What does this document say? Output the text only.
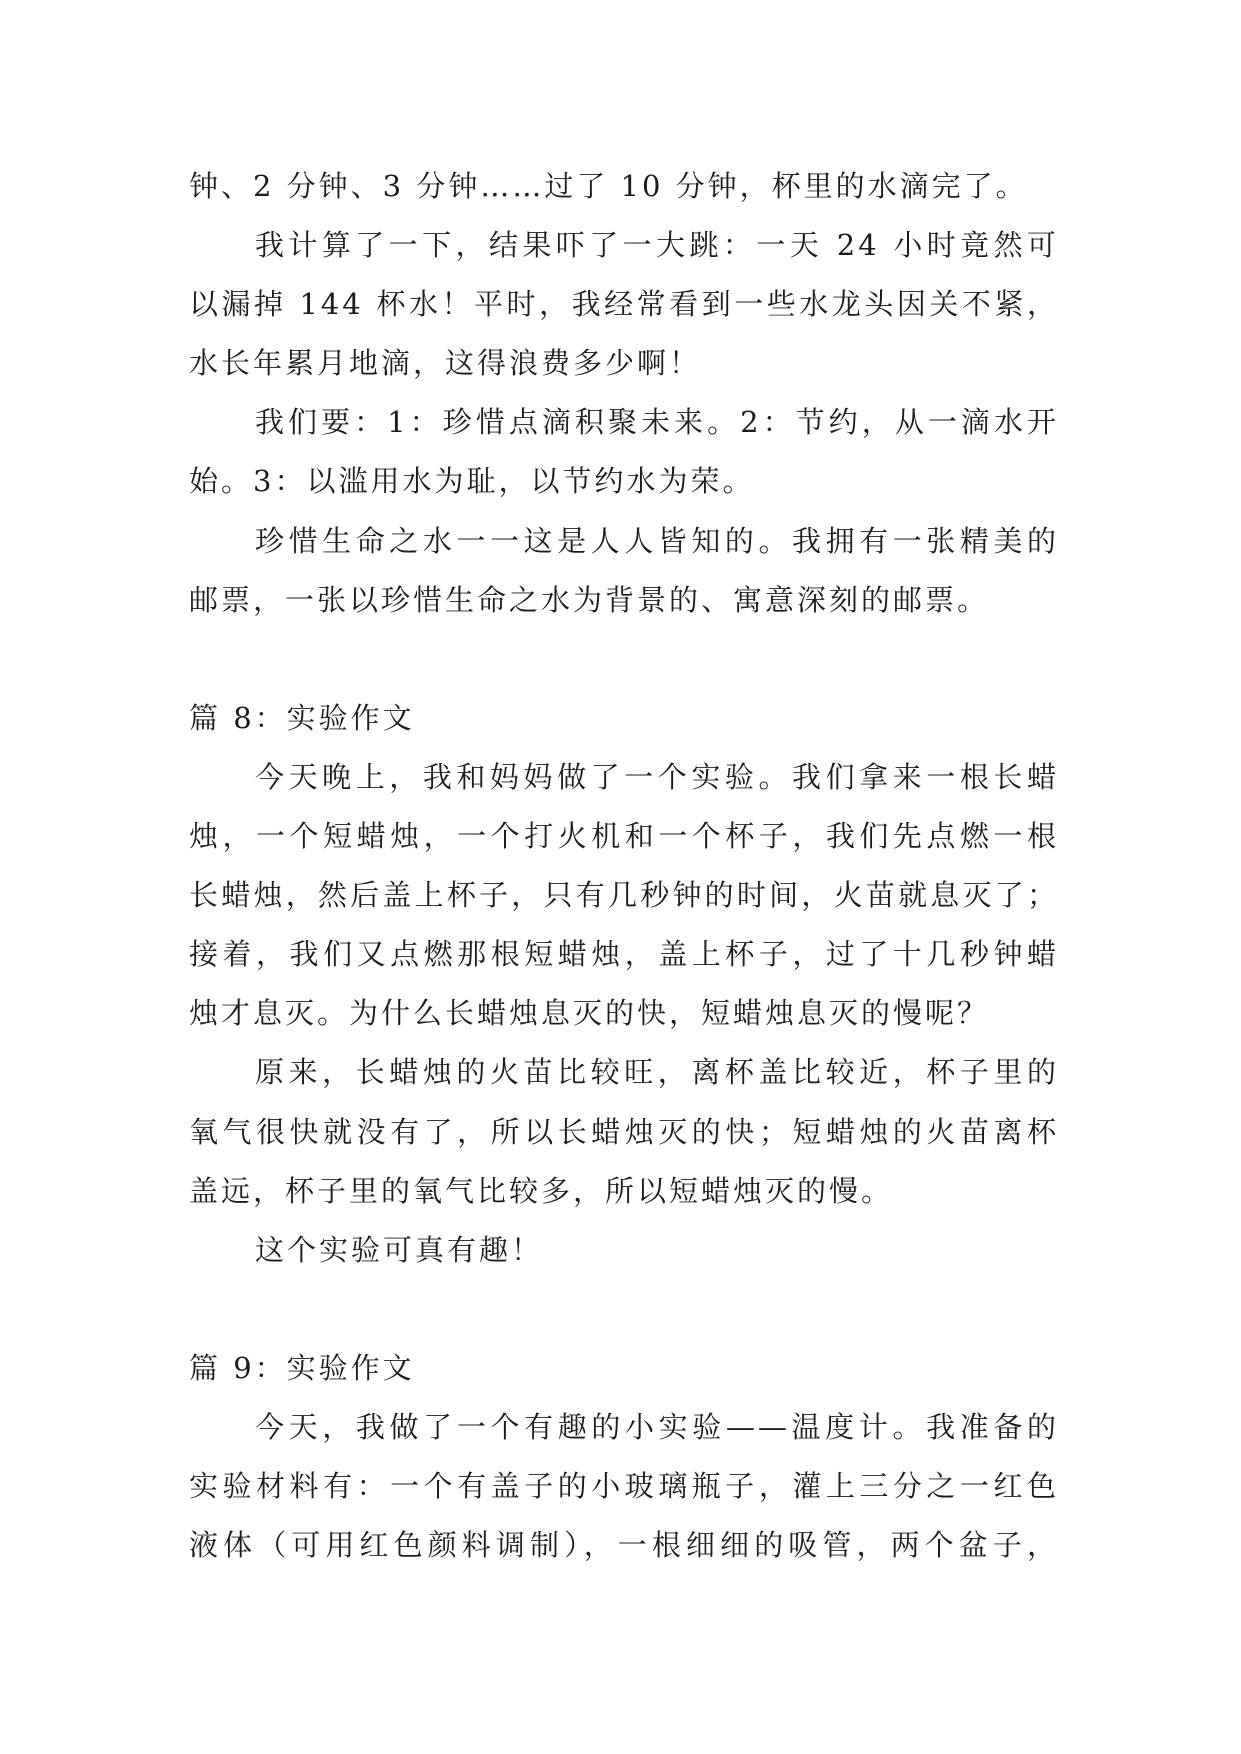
钟、2 分钟、3 分钟……过了 10 分钟，杯里的水滴完了。
我计算了一下，结果吓了一大跳：一天 24 小时竟然可
以漏掉 144 杯水！平时，我经常看到一些水龙头因关不紧，
水长年累月地滴，这得浪费多少啊！
我们要：1：珍惜点滴积聚未来。2：节约，从一滴水开
始。3：以滥用水为耻，以节约水为荣。
珍惜生命之水一一这是人人皆知的。我拥有一张精美的
邮票，一张以珍惜生命之水为背景的、寓意深刻的邮票。
篇 8：实验作文
今天晚上，我和妈妈做了一个实验。我们拿来一根长蜡
烛，一个短蜡烛，一个打火机和一个杯子，我们先点燃一根
长蜡烛，然后盖上杯子，只有几秒钟的时间，火苗就息灭了；
接着，我们又点燃那根短蜡烛，盖上杯子，过了十几秒钟蜡
烛才息灭。为什么长蜡烛息灭的快，短蜡烛息灭的慢呢？
原来，长蜡烛的火苗比较旺，离杯盖比较近，杯子里的
氧气很快就没有了，所以长蜡烛灭的快；短蜡烛的火苗离杯
盖远，杯子里的氧气比较多，所以短蜡烛灭的慢。
这个实验可真有趣！
篇 9：实验作文
今天，我做了一个有趣的小实验——温度计。我准备的
实验材料有：一个有盖子的小玻璃瓶子，灌上三分之一红色
液体（可用红色颜料调制），一根细细的吸管，两个盆子，
